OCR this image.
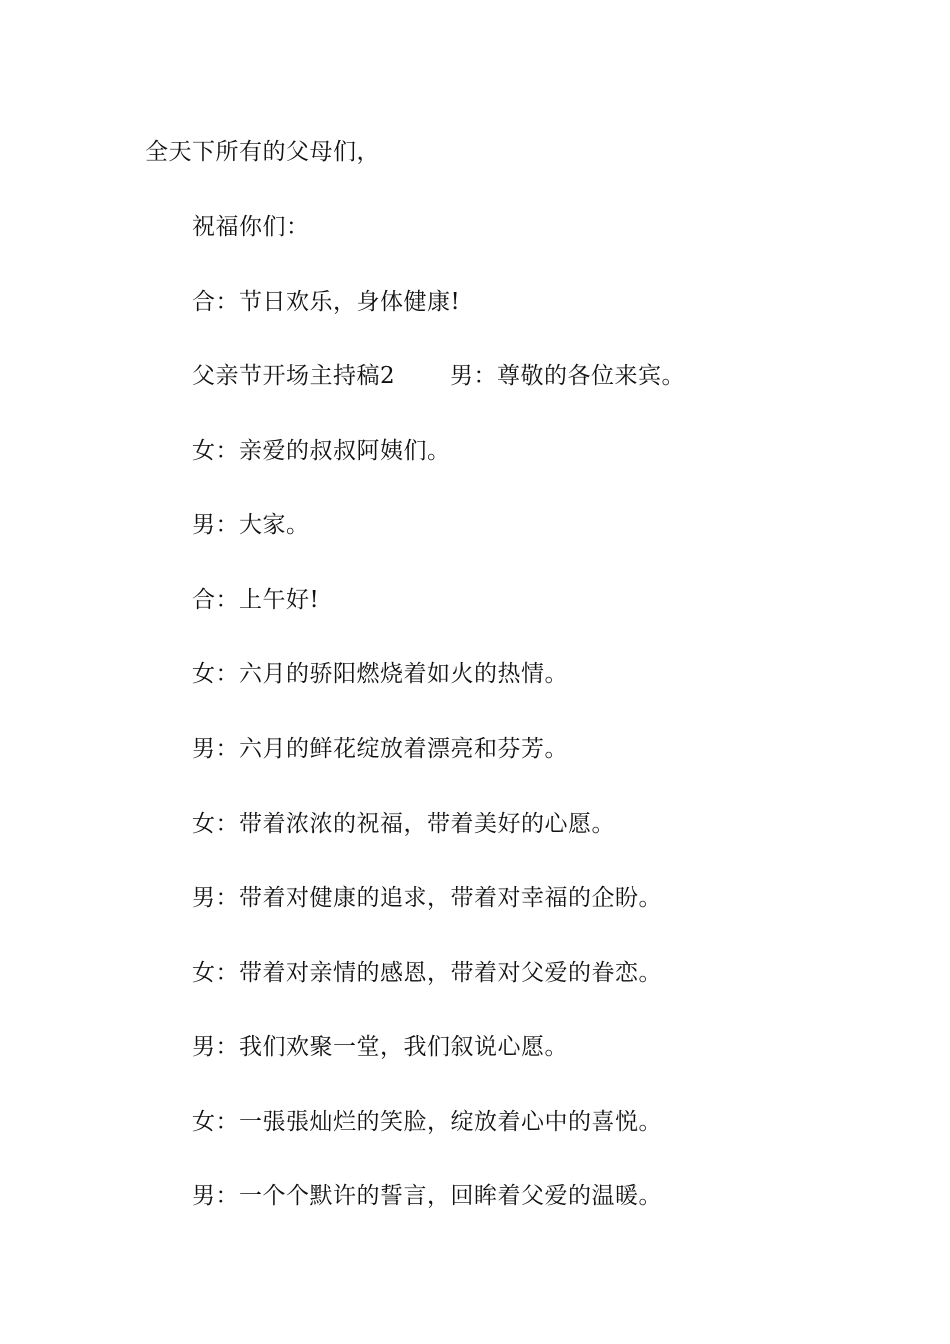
全天下所有的父母们，
祝福你们：
合：节日欢乐，身体健康!
父亲节开场主持稿2 男：尊敬的各位来宾。
女：亲爱的叔叔阿姨们。
男：大家。
合：上午好!
女：六月的骄阳燃烧着如火的热情。
男：六月的鲜花绽放着漂亮和芬芳。
女：带着浓浓的祝福，带着美好的心愿。
男：带着对健康的追求，带着对幸福的企盼。
女：带着对亲情的感恩，带着对父爱的眷恋。
男：我们欢聚一堂，我们叙说心愿。
女：一張張灿烂的笑脸，绽放着心中的喜悦。
男：一个个默许的誓言，回眸着父爱的温暖。
